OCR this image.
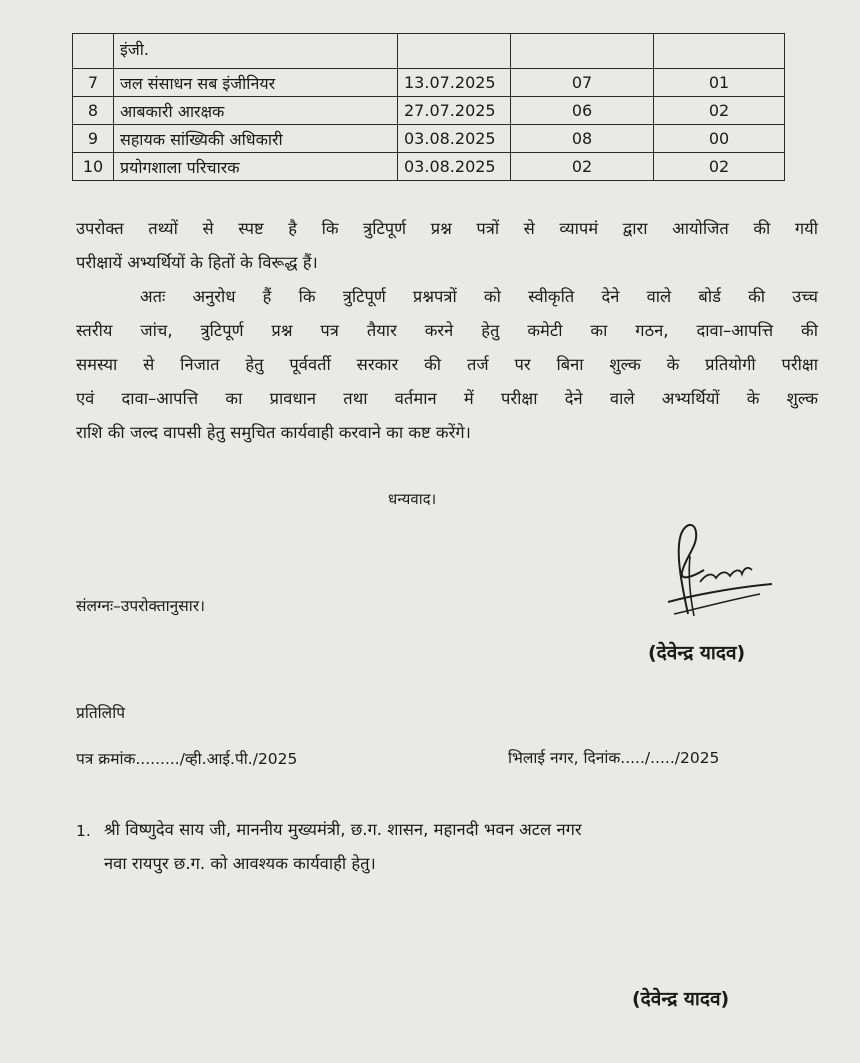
	इंजी.			
7	जल संसाधन सब इंजीनियर	13.07.2025	07	01
8	आबकारी आरक्षक	27.07.2025	06	02
9	सहायक सांख्यिकी अधिकारी	03.08.2025	08	00
10	प्रयोगशाला परिचारक	03.08.2025	02	02
उपरोक्त तथ्यों से स्पष्ट है कि त्रुटिपूर्ण प्रश्न पत्रों से व्यापमं द्वारा आयोजित की गयी
परीक्षायें अभ्यर्थियों के हितों के विरूद्ध हैं।
अतः अनुरोध हैं कि त्रुटिपूर्ण प्रश्नपत्रों को स्वीकृति देने वाले बोर्ड की उच्च
स्तरीय जांच, त्रुटिपूर्ण प्रश्न पत्र तैयार करने हेतु कमेटी का गठन, दावा–आपत्ति की
समस्या से निजात हेतु पूर्ववर्ती सरकार की तर्ज पर बिना शुल्क के प्रतियोगी परीक्षा
एवं दावा–आपत्ति का प्रावधान तथा वर्तमान में परीक्षा देने वाले अभ्यर्थियों के शुल्क
राशि की जल्द वापसी हेतु समुचित कार्यवाही करवाने का कष्ट करेंगे।
धन्यवाद।
संलग्नः–उपरोक्तानुसार।
(देवेन्द्र यादव)
प्रतिलिपि
पत्र क्रमांक........./व्ही.आई.पी./2025	भिलाई नगर, दिनांक...../...../2025
1. श्री विष्णुदेव साय जी, माननीय मुख्यमंत्री, छ.ग. शासन, महानदी भवन अटल नगर
नवा रायपुर छ.ग. को आवश्यक कार्यवाही हेतु।
(देवेन्द्र यादव)
